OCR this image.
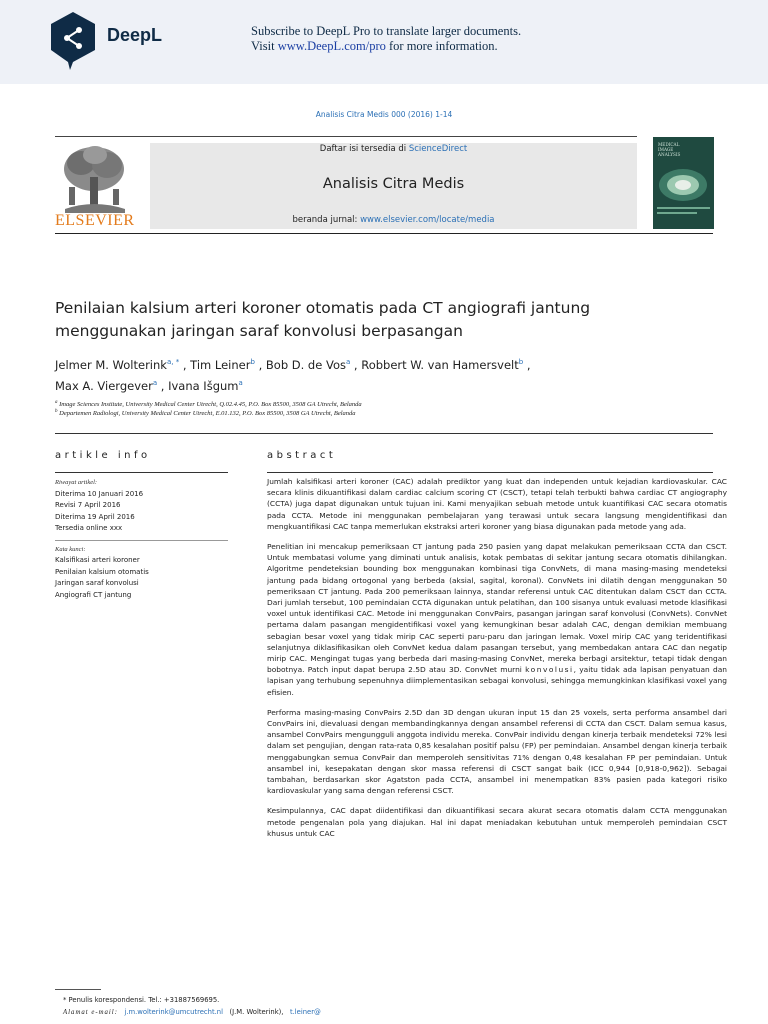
DeepL	Subscribe to DeepL Pro to translate larger documents.
Visit www.DeepL.com/pro for more information.
Analisis Citra Medis 000 (2016) 1-14
ELSEVIER
Daftar isi tersedia di ScienceDirect
Analisis Citra Medis
beranda jurnal: www.elsevier.com/locate/media
MEDICAL
IMAGE
ANALYSIS
Penilaian kalsium arteri koroner otomatis pada CT angiografi jantung
menggunakan jaringan saraf konvolusi berpasangan
Jelmer M. Wolterink$^{a, *}$ , Tim Leiner$^b$ , Bob D. de Vos$^a$ , Robbert W. van Hamersvelt$^b$ ,
Max A. Viergever$^a$ , Ivana Išgum$^a$
$^a$ Image Sciences Institute, University Medical Center Utrecht, Q.02.4.45, P.O. Box 85500, 3508 GA Utrecht, Belanda
$^b$ Departemen Radiologi, University Medical Center Utrecht, E.01.132, P.O. Box 85500, 3508 GA Utrecht, Belanda
artikle info	abstract
Riwayat artikel:
Diterima 10 Januari 2016
Revisi 7 April 2016
Diterima 19 April 2016
Tersedia online xxx
Kata kunci:
Kalsifikasi arteri koroner
Penilaian kalsium otomatis
Jaringan saraf konvolusi
Angiografi CT jantung

Jumlah kalsifikasi arteri koroner (CAC) adalah prediktor yang kuat dan independen untuk kejadian kardiovaskular. CAC secara klinis dikuantifikasi dalam cardiac calcium scoring CT (CSCT), tetapi telah terbukti bahwa cardiac CT angiography (CCTA) juga dapat digunakan untuk tujuan ini. Kami menyajikan sebuah metode untuk kuantifikasi CAC secara otomatis pada CCTA. Metode ini menggunakan pembelajaran yang terawasi untuk secara langsung mengidentifikasi dan mengkuantifikasi CAC tanpa memerlukan ekstraksi arteri koroner yang biasa digunakan pada metode yang ada.

Penelitian ini mencakup pemeriksaan CT jantung pada 250 pasien yang dapat melakukan pemeriksaan CCTA dan CSCT. Untuk membatasi volume yang diminati untuk analisis, kotak pembatas di sekitar jantung secara otomatis dihilangkan. Algoritme pendeteksian bounding box menggunakan kombinasi tiga ConvNets, di mana masing-masing mendeteksi jantung pada bidang ortogonal yang berbeda (aksial, sagital, koronal). ConvNets ini dilatih dengan menggunakan 50 pemeriksaan CT jantung. Pada 200 pemeriksaan lainnya, standar referensi untuk CAC ditentukan dalam CSCT dan CCTA. Dari jumlah tersebut, 100 pemindaian CCTA digunakan untuk pelatihan, dan 100 sisanya untuk evaluasi metode klasifikasi voxel untuk identifikasi CAC. Metode ini menggunakan ConvPairs, pasangan jaringan saraf konvolusi (ConvNets). ConvNet pertama dalam pasangan mengidentifikasi voxel yang kemungkinan besar adalah CAC, dengan demikian membuang sebagian besar voxel yang tidak mirip CAC seperti paru-paru dan jaringan lemak. Voxel mirip CAC yang teridentifikasi selanjutnya diklasifikasikan oleh ConvNet kedua dalam pasangan tersebut, yang membedakan antara CAC dan negatip mirip CAC. Mengingat tugas yang berbeda dari masing-masing ConvNet, mereka berbagi arsitektur, tetapi tidak dengan bobotnya. Patch input dapat berupa 2.5D atau 3D. ConvNet murni konvolusi, yaitu tidak ada lapisan penyatuan dan lapisan yang terhubung sepenuhnya diimplementasikan sebagai konvolusi, sehingga memungkinkan klasifikasi voxel yang efisien.

Performa masing-masing ConvPairs 2.5D dan 3D dengan ukuran input 15 dan 25 voxels, serta performa ansambel dari ConvPairs ini, dievaluasi dengan membandingkannya dengan ansambel referensi di CCTA dan CSCT. Dalam semua kasus, ansambel ConvPairs mengungguli anggota individu mereka. ConvPair individu dengan kinerja terbaik mendeteksi 72% lesi dalam set pengujian, dengan rata-rata 0,85 kesalahan positif palsu (FP) per pemindaian. Ansambel dengan kinerja terbaik menggabungkan semua ConvPair dan memperoleh sensitivitas 71% dengan 0,48 kesalahan FP per pemindaian. Untuk ansambel ini, kesepakatan dengan skor massa referensi di CSCT sangat baik (ICC 0,944 [0,918-0,962]). Sebagai tambahan, berdasarkan skor Agatston pada CCTA, ansambel ini menempatkan 83% pasien pada kategori risiko kardiovaskular yang sama dengan referensi CSCT.

Kesimpulannya, CAC dapat diidentifikasi dan dikuantifikasi secara akurat secara otomatis dalam CCTA menggunakan metode pengenalan pola yang diajukan. Hal ini dapat meniadakan kebutuhan untuk memperoleh pemindaian CSCT khusus untuk CAC

* Penulis korespondensi. Tel.: +31887569695.
Alamat e-mail: j.m.wolterink@umcutrecht.nl (J.M. Wolterink), t.leiner@
